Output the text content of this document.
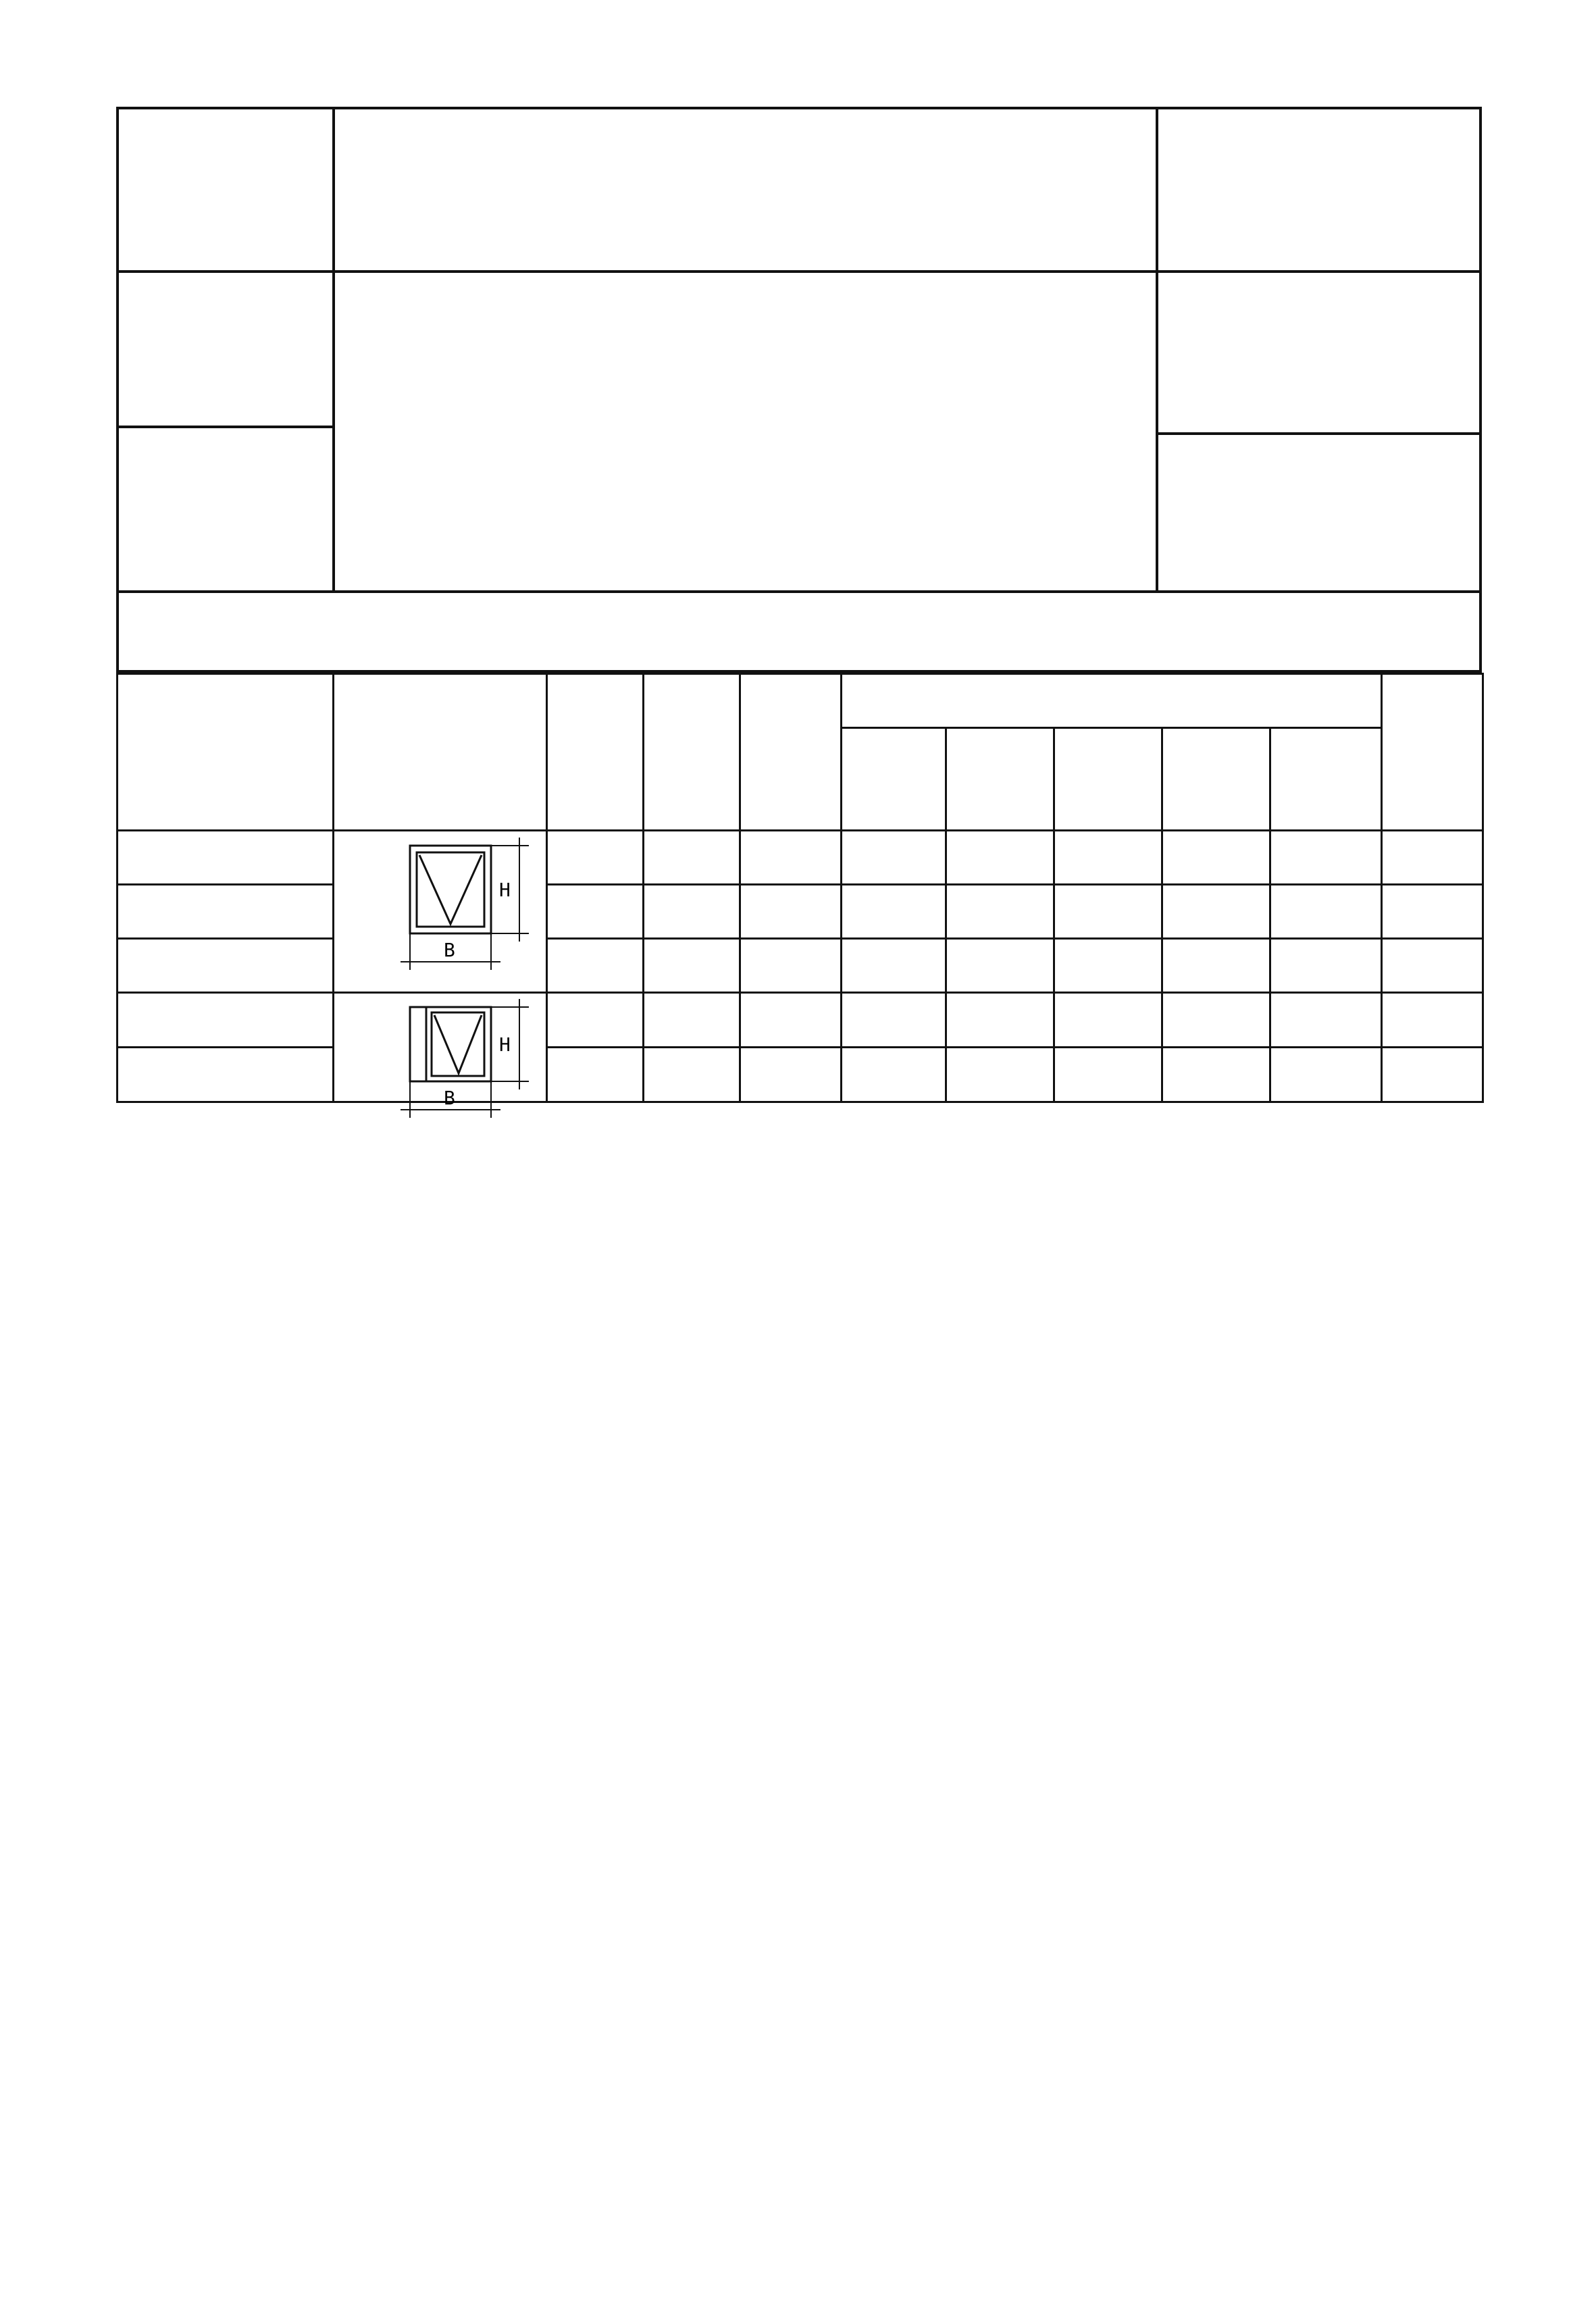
Н
В									

Н
В									
